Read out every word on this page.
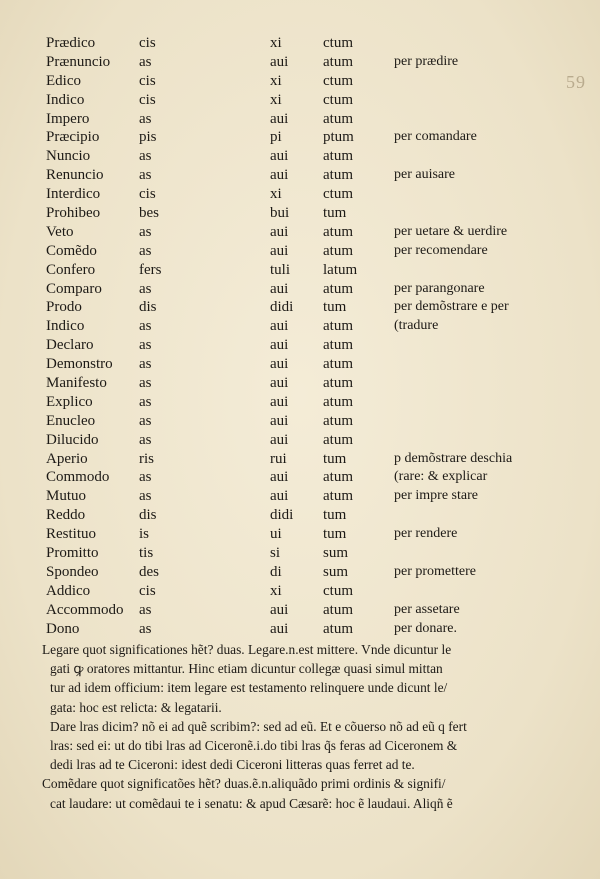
59
Prædico	cis	xi	ctum
Prænuncio as	aui atum	per prædire
Edico	cis	xi	ctum
Indico	cis	xi	ctum
Impero	as	aui atum
Præcipio	pis	pi	ptum	per comandare
Nuncio	as	aui atum
Renuncio as	aui atum	per auisare
Interdico	cis	xi	ctum
Prohibeo	bes	bui tum
Veto	as	aui atum	per uetare & uerdire
Comẽdo	as	aui atum	per recomendare
Confero	fers	tuli latum
Comparo as	aui atum	per parangonare
Prodo	dis	didi tum	per demõstrare e per
Indico	as	aui atum	(tradure
Declaro	as	aui atum
Demonstro as	aui atum
Manifesto as	aui atum
Explico	as	aui atum
Enucleo	as	aui atum
Dilucido	as	aui atum
Aperio	ris	rui tum	p demõstrare deschia
Commodo as	aui atum	(rare: & explicar
Mutuo	as	aui atum	per impre stare
Reddo	dis	didi tum
Restituo	is	ui	tum	per rendere
Promitto	tis	si	sum
Spondeo	des	di	sum	per promettere
Addico	cis	xi	ctum
Accommodo as	aui atum	per assetare
Dono	as	aui atum	per donare.
Legare quot significationes hẽt? duas. Legare.n.est mittere. Vnde dicuntur le
gati ꝙ oratores mittantur. Hinc etiam dicuntur collegæ quasi simul mittan
tur ad idem officium: item legare est testamento relinquere unde dicunt le/
gata: hoc est relicta: & legatarii.
Dare lras dicim? nõ ei ad quẽ scribim?: sed ad eũ. Et e cõuerso nõ ad eũ q fert
lras: sed ei: ut do tibi lras ad Ciceronẽ.i.do tibi lras q̃s feras ad Ciceronem &
dedi lras ad te Ciceroni: idest dedi Ciceroni litteras quas ferret ad te.
Comẽdare quot significatões hẽt? duas.ẽ.n.aliquãdo primi ordinis & signifi/
cat laudare: ut comẽdaui te i senatu: & apud Cæsarẽ: hoc ẽ laudaui. Aliqñ ẽ
